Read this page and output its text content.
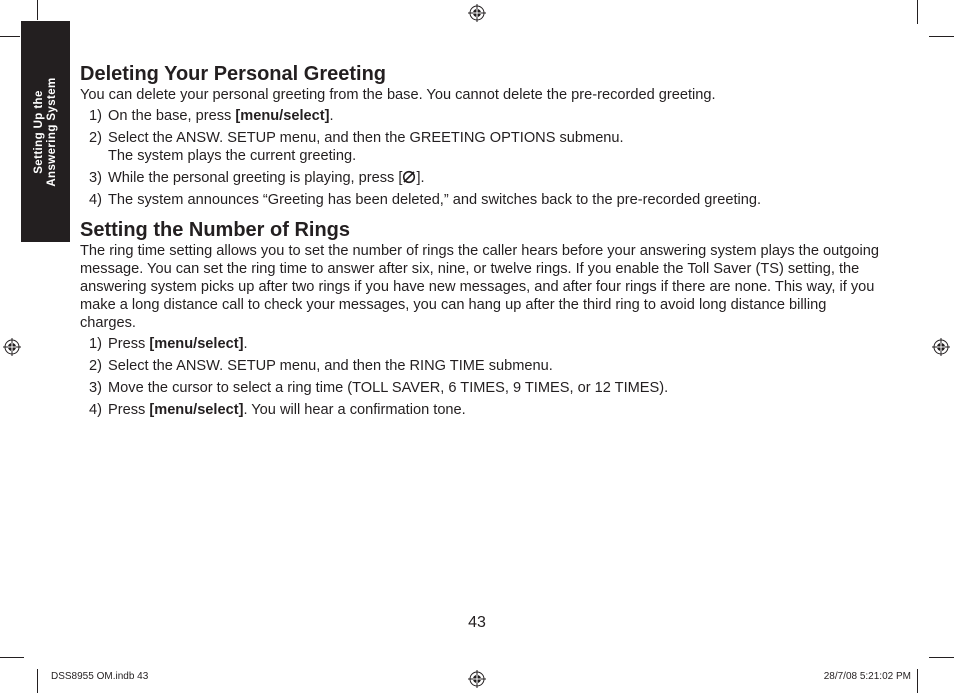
Setting Up the Answering System
Deleting Your Personal Greeting

You can delete your personal greeting from the base. You cannot delete the pre-recorded greeting.

1) On the base, press [menu/select].
2) Select the ANSW. SETUP menu, and then the GREETING OPTIONS submenu.
The system plays the current greeting.
3) While the personal greeting is playing, press [ ].
4) The system announces “Greeting has been deleted,” and switches back to the pre-recorded greeting.
Setting the Number of Rings

The ring time setting allows you to set the number of rings the caller hears before your answering system plays the outgoing message. You can set the ring time to answer after six, nine, or twelve rings. If you enable the Toll Saver (TS) setting, the answering system picks up after two rings if you have new messages, and after four rings if there are none. This way, if you make a long distance call to check your messages, you can hang up after the third ring to avoid long distance billing charges.

1) Press [menu/select].
2) Select the ANSW. SETUP menu, and then the RING TIME submenu.
3) Move the cursor to select a ring time (TOLL SAVER, 6 TIMES, 9 TIMES, or 12 TIMES).
4) Press [menu/select]. You will hear a confirmation tone.
43
DSS8955 OM.indb 43	28/7/08 5:21:02 PM
